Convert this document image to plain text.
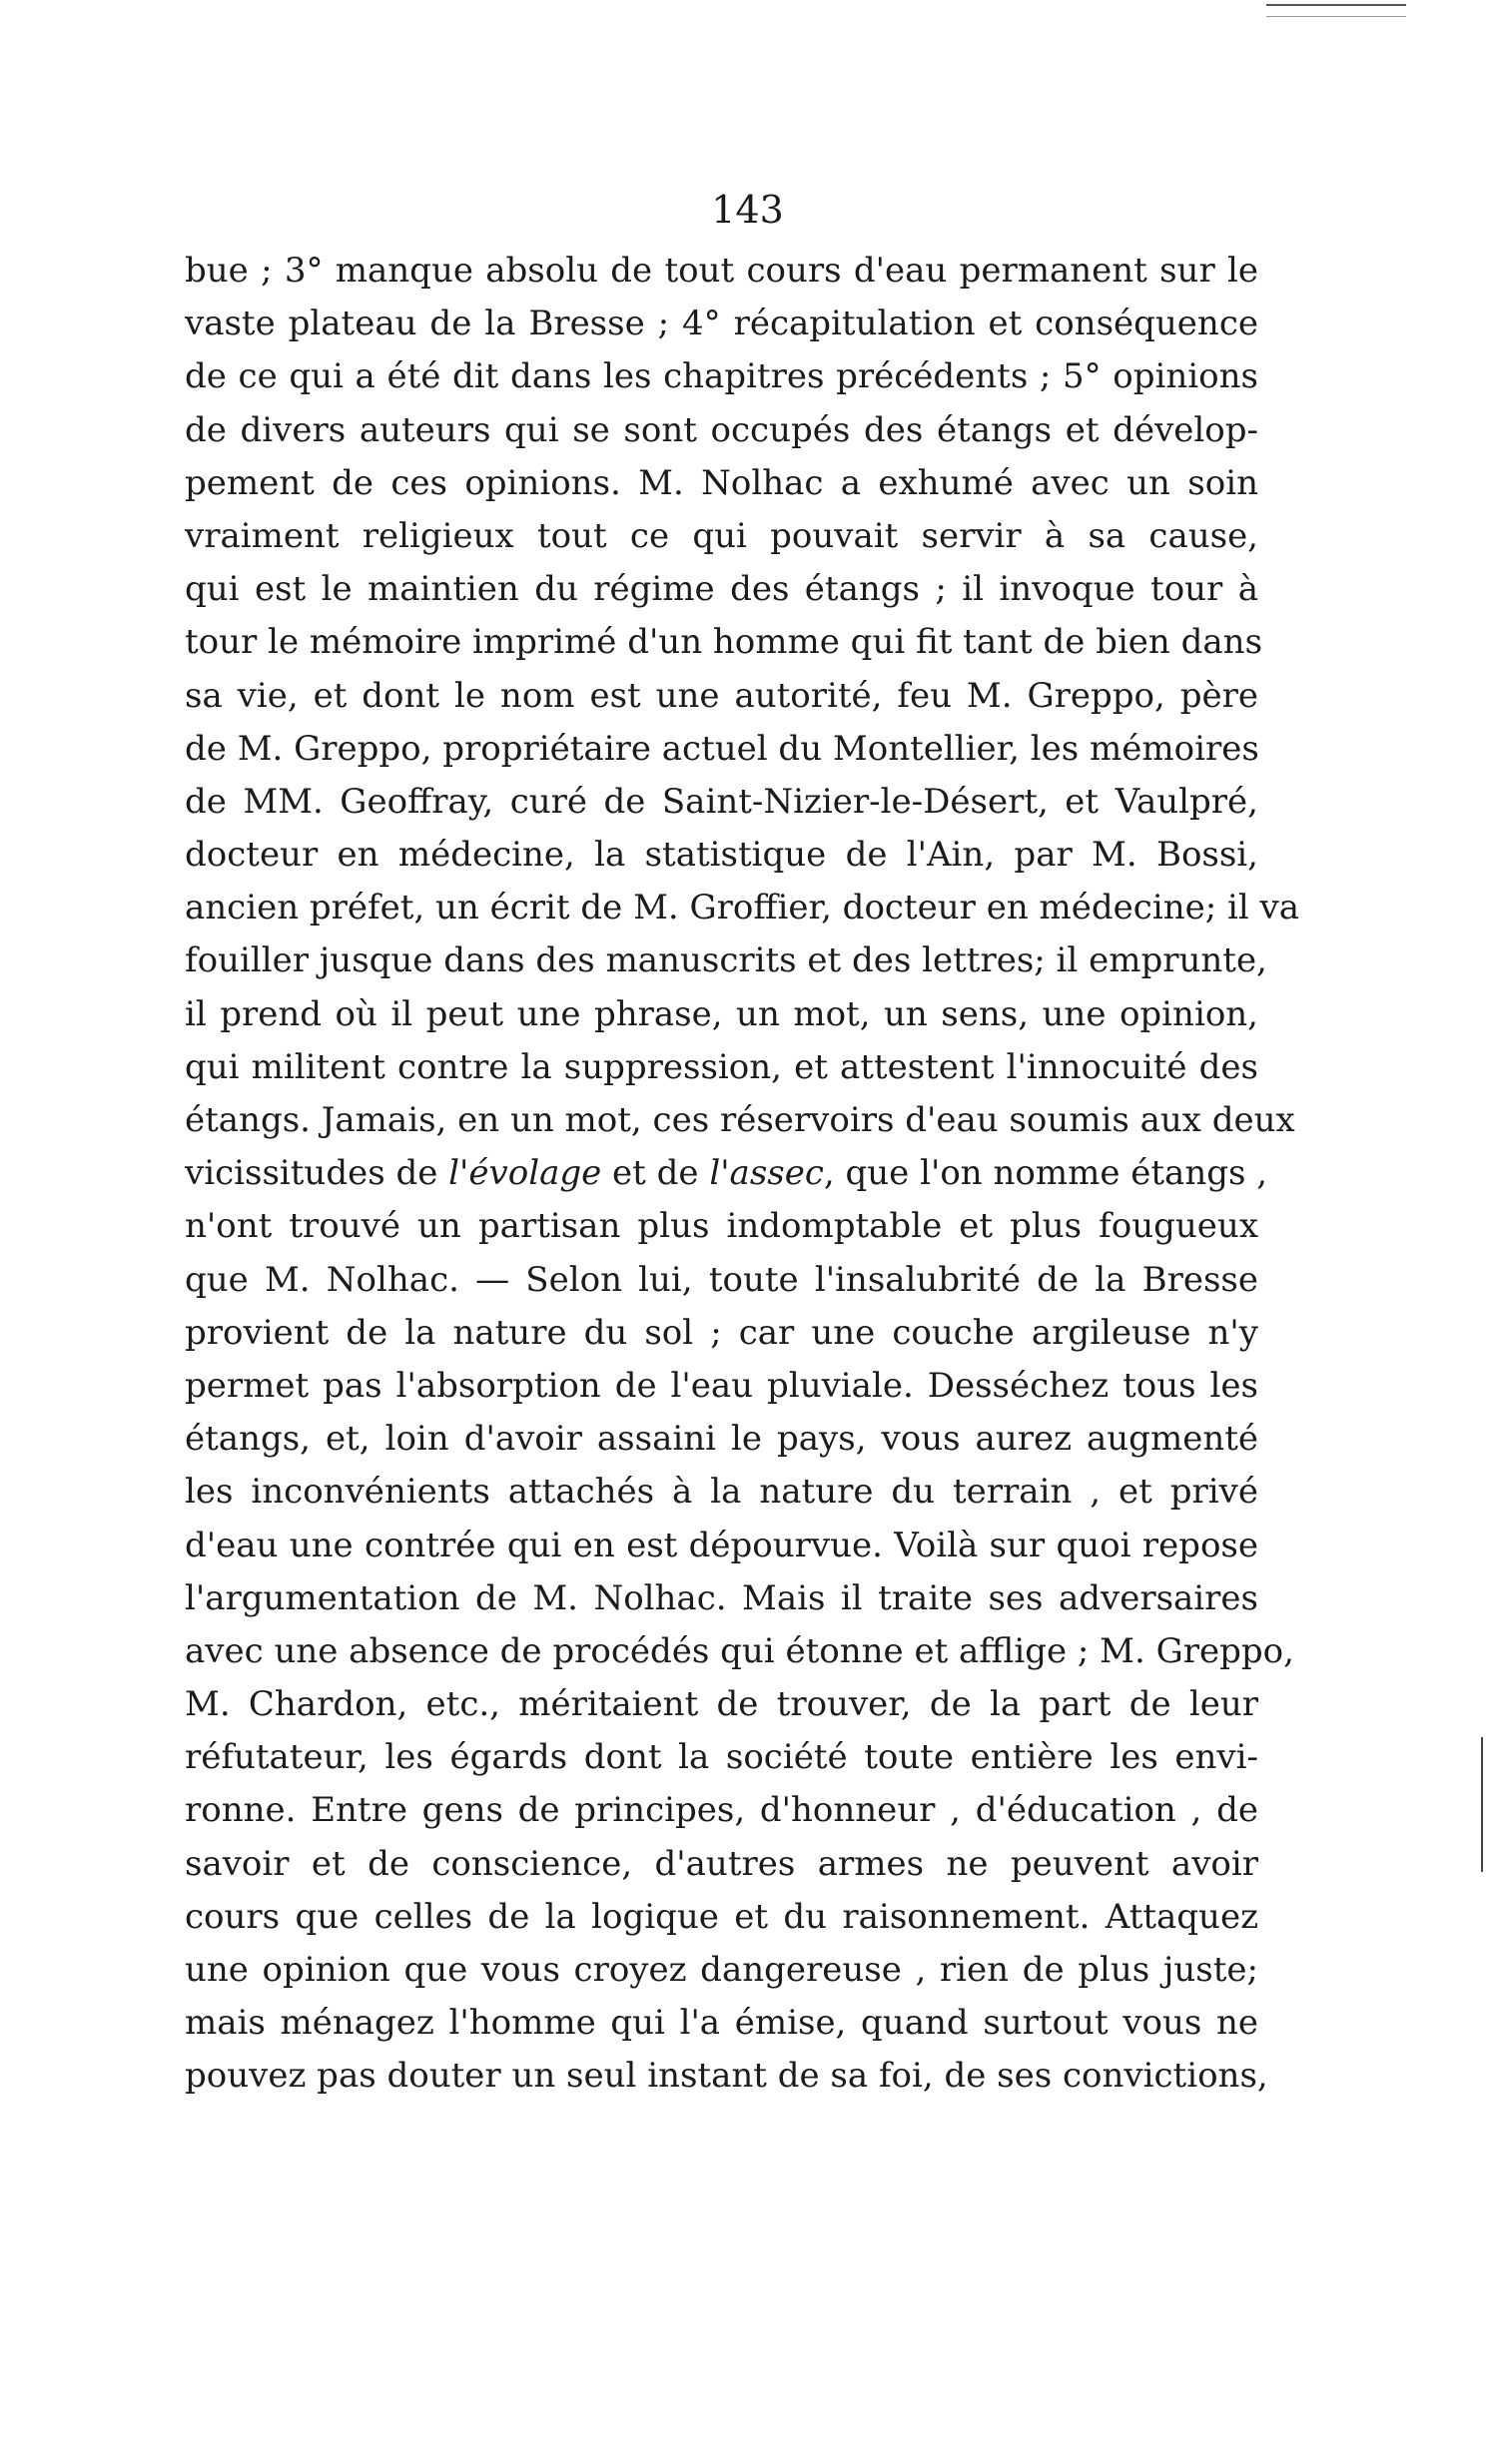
143
bue ; 3° manque absolu de tout cours d'eau permanent sur le
vaste plateau de la Bresse ; 4° récapitulation et conséquence
de ce qui a été dit dans les chapitres précédents ; 5° opinions
de divers auteurs qui se sont occupés des étangs et dévelop-
pement de ces opinions. M. Nolhac a exhumé avec un soin
vraiment religieux tout ce qui pouvait servir à sa cause,
qui est le maintien du régime des étangs ; il invoque tour à
tour le mémoire imprimé d'un homme qui fit tant de bien dans
sa vie, et dont le nom est une autorité, feu M. Greppo, père
de M. Greppo, propriétaire actuel du Montellier, les mémoires
de MM. Geoffray, curé de Saint-Nizier-le-Désert, et Vaulpré,
docteur en médecine, la statistique de l'Ain, par M. Bossi,
ancien préfet, un écrit de M. Groffier, docteur en médecine; il va
fouiller jusque dans des manuscrits et des lettres; il emprunte,
il prend où il peut une phrase, un mot, un sens, une opinion,
qui militent contre la suppression, et attestent l'innocuité des
étangs. Jamais, en un mot, ces réservoirs d'eau soumis aux deux
vicissitudes de l'évolage et de l'assec, que l'on nomme étangs ,
n'ont trouvé un partisan plus indomptable et plus fougueux
que M. Nolhac. — Selon lui, toute l'insalubrité de la Bresse
provient de la nature du sol ; car une couche argileuse n'y
permet pas l'absorption de l'eau pluviale. Desséchez tous les
étangs, et, loin d'avoir assaini le pays, vous aurez augmenté
les inconvénients attachés à la nature du terrain , et privé
d'eau une contrée qui en est dépourvue. Voilà sur quoi repose
l'argumentation de M. Nolhac. Mais il traite ses adversaires
avec une absence de procédés qui étonne et afflige ; M. Greppo,
M. Chardon, etc., méritaient de trouver, de la part de leur
réfutateur, les égards dont la société toute entière les envi-
ronne. Entre gens de principes, d'honneur , d'éducation , de
savoir et de conscience, d'autres armes ne peuvent avoir
cours que celles de la logique et du raisonnement. Attaquez
une opinion que vous croyez dangereuse , rien de plus juste;
mais ménagez l'homme qui l'a émise, quand surtout vous ne
pouvez pas douter un seul instant de sa foi, de ses convictions,
